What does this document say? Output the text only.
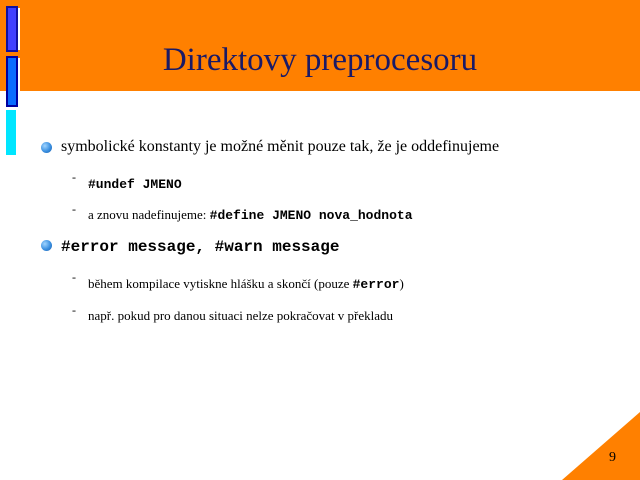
Direktovy preprocesoru
symbolické konstanty je možné měnit pouze tak, že je oddefinujeme
- #undef JMENO
- a znovu nadefinujeme: #define JMENO nova_hodnota
#error message, #warn message
- během kompilace vytiskne hlášku a skončí (pouze #error)
- např. pokud pro danou situaci nelze pokračovat v překladu
9
